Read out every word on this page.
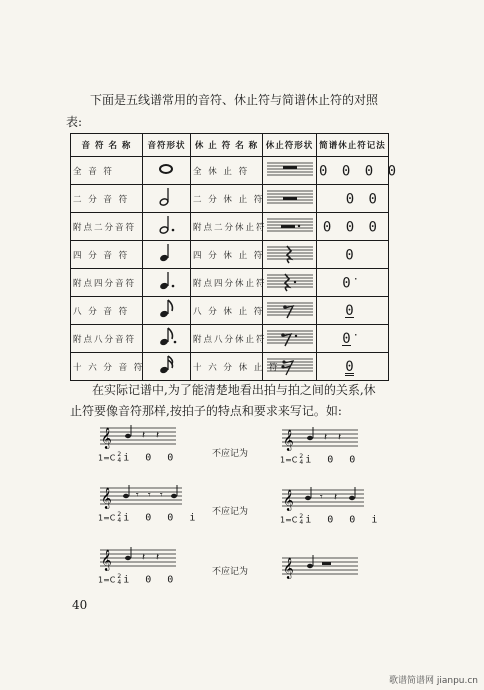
下面是五线谱常用的音符、休止符与简谱休止符的对照
表:
音 符 名 称	音符形状	休 止 符 名 称	休止符形状	简谱休止符记法
全 音 符		全 休 止 符		0 0 0 0
二 分 音 符		二 分 休 止 符		0 0
附点二分音符		附点二分休止符		0 0 0
四 分 音 符		四 分 休 止 符		0
附点四分音符		附点四分休止符		0 ·
八 分 音 符		八 分 休 止 符		0
附点八分音符		附点八分休止符		0 ·
十 六 分 音 符		十 六 分 休 止 符		0
在实际记谱中,为了能清楚地看出拍与拍之间的关系,休
止符要像音符那样,按拍子的特点和要求来写记。如:
𝄞	𝄽 𝄽
1=C 2
4 i 0 0	不应记为
𝄞	𝄽 𝄽
1=C 2
4 i 0 0
𝄞 𝄾 𝄾 𝄾
1=C 2
4 i 0 0 i
不应记为
𝄞	𝄾 𝄽
1=C 2
4 i 0 0 i
𝄞	𝄽 𝄽
1=C 2
4 i 0 0
不应记为 𝄞
40
歌谱简谱网 jianpu.cn
